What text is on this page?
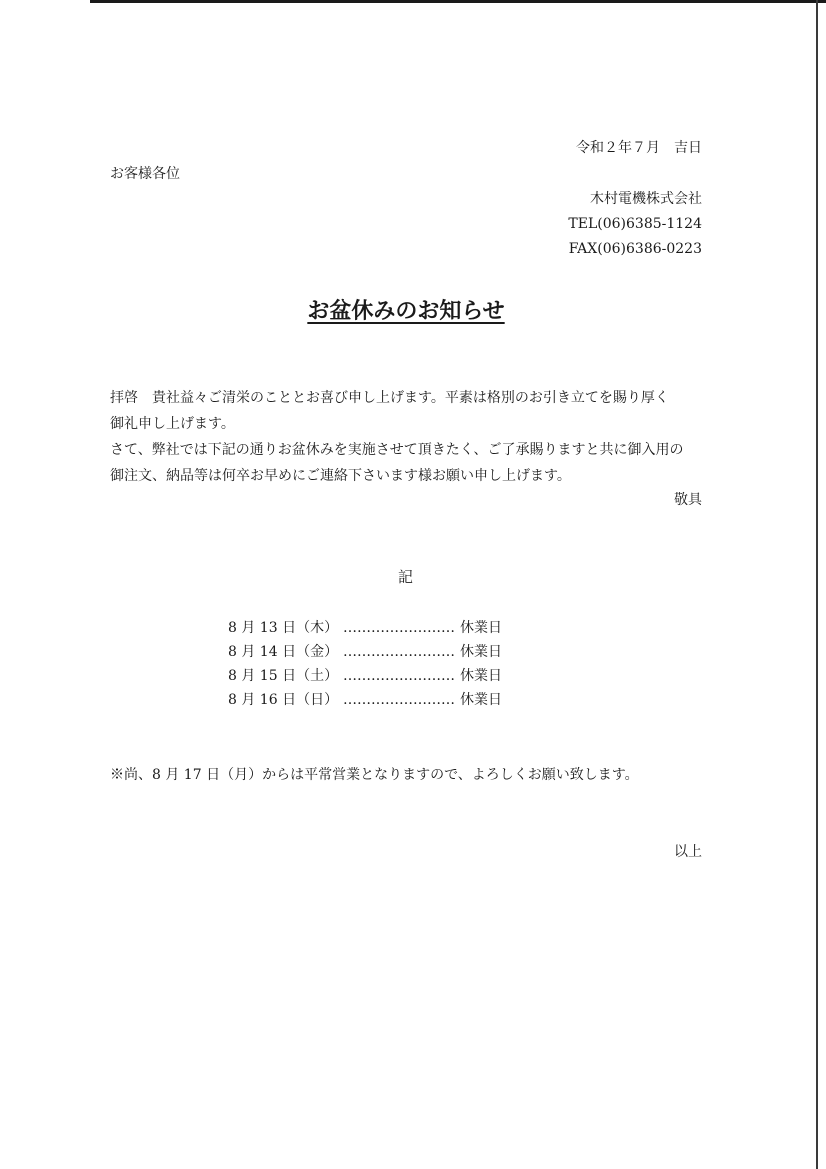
令和２年７月　吉日
お客様各位
木村電機株式会社
TEL(06)6385-1124
FAX(06)6386-0223
お盆休みのお知らせ
拝啓　貴社益々ご清栄のこととお喜び申し上げます。平素は格別のお引き立てを賜り厚く
御礼申し上げます。
さて、弊社では下記の通りお盆休みを実施させて頂きたく、ご了承賜りますと共に御入用の
御注文、納品等は何卒お早めにご連絡下さいます様お願い申し上げます。
敬具
記
8 月 13 日（木） …………………… 休業日
8 月 14 日（金） …………………… 休業日
8 月 15 日（土） …………………… 休業日
8 月 16 日（日） …………………… 休業日
※尚、8 月 17 日（月）からは平常営業となりますので、よろしくお願い致します。
以上
